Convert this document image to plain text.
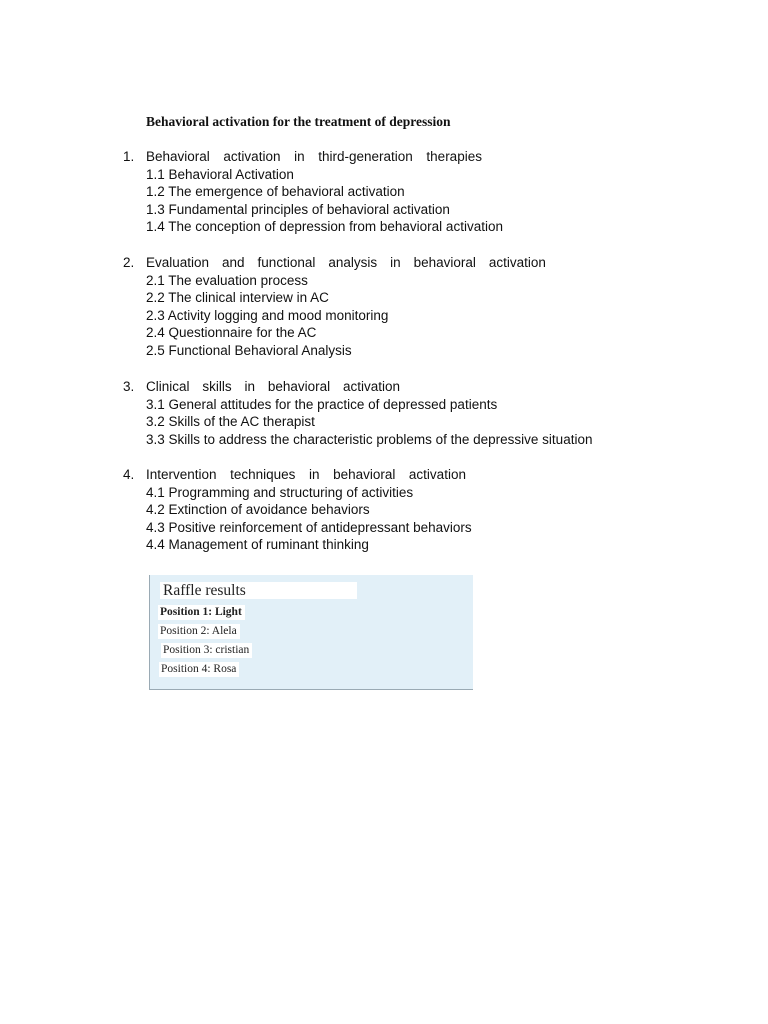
Behavioral activation for the treatment of depression
1. Behavioral activation in third-generation therapies
1.1 Behavioral Activation
1.2 The emergence of behavioral activation
1.3 Fundamental principles of behavioral activation
1.4 The conception of depression from behavioral activation
2. Evaluation and functional analysis in behavioral activation
2.1 The evaluation process
2.2 The clinical interview in AC
2.3 Activity logging and mood monitoring
2.4 Questionnaire for the AC
2.5 Functional Behavioral Analysis
3. Clinical skills in behavioral activation
3.1 General attitudes for the practice of depressed patients
3.2 Skills of the AC therapist
3.3 Skills to address the characteristic problems of the depressive situation
4. Intervention techniques in behavioral activation
4.1 Programming and structuring of activities
4.2 Extinction of avoidance behaviors
4.3 Positive reinforcement of antidepressant behaviors
4.4 Management of ruminant thinking
Raffle results
Position 1: Light
Position 2: Alela
Position 3: cristian
Position 4: Rosa
